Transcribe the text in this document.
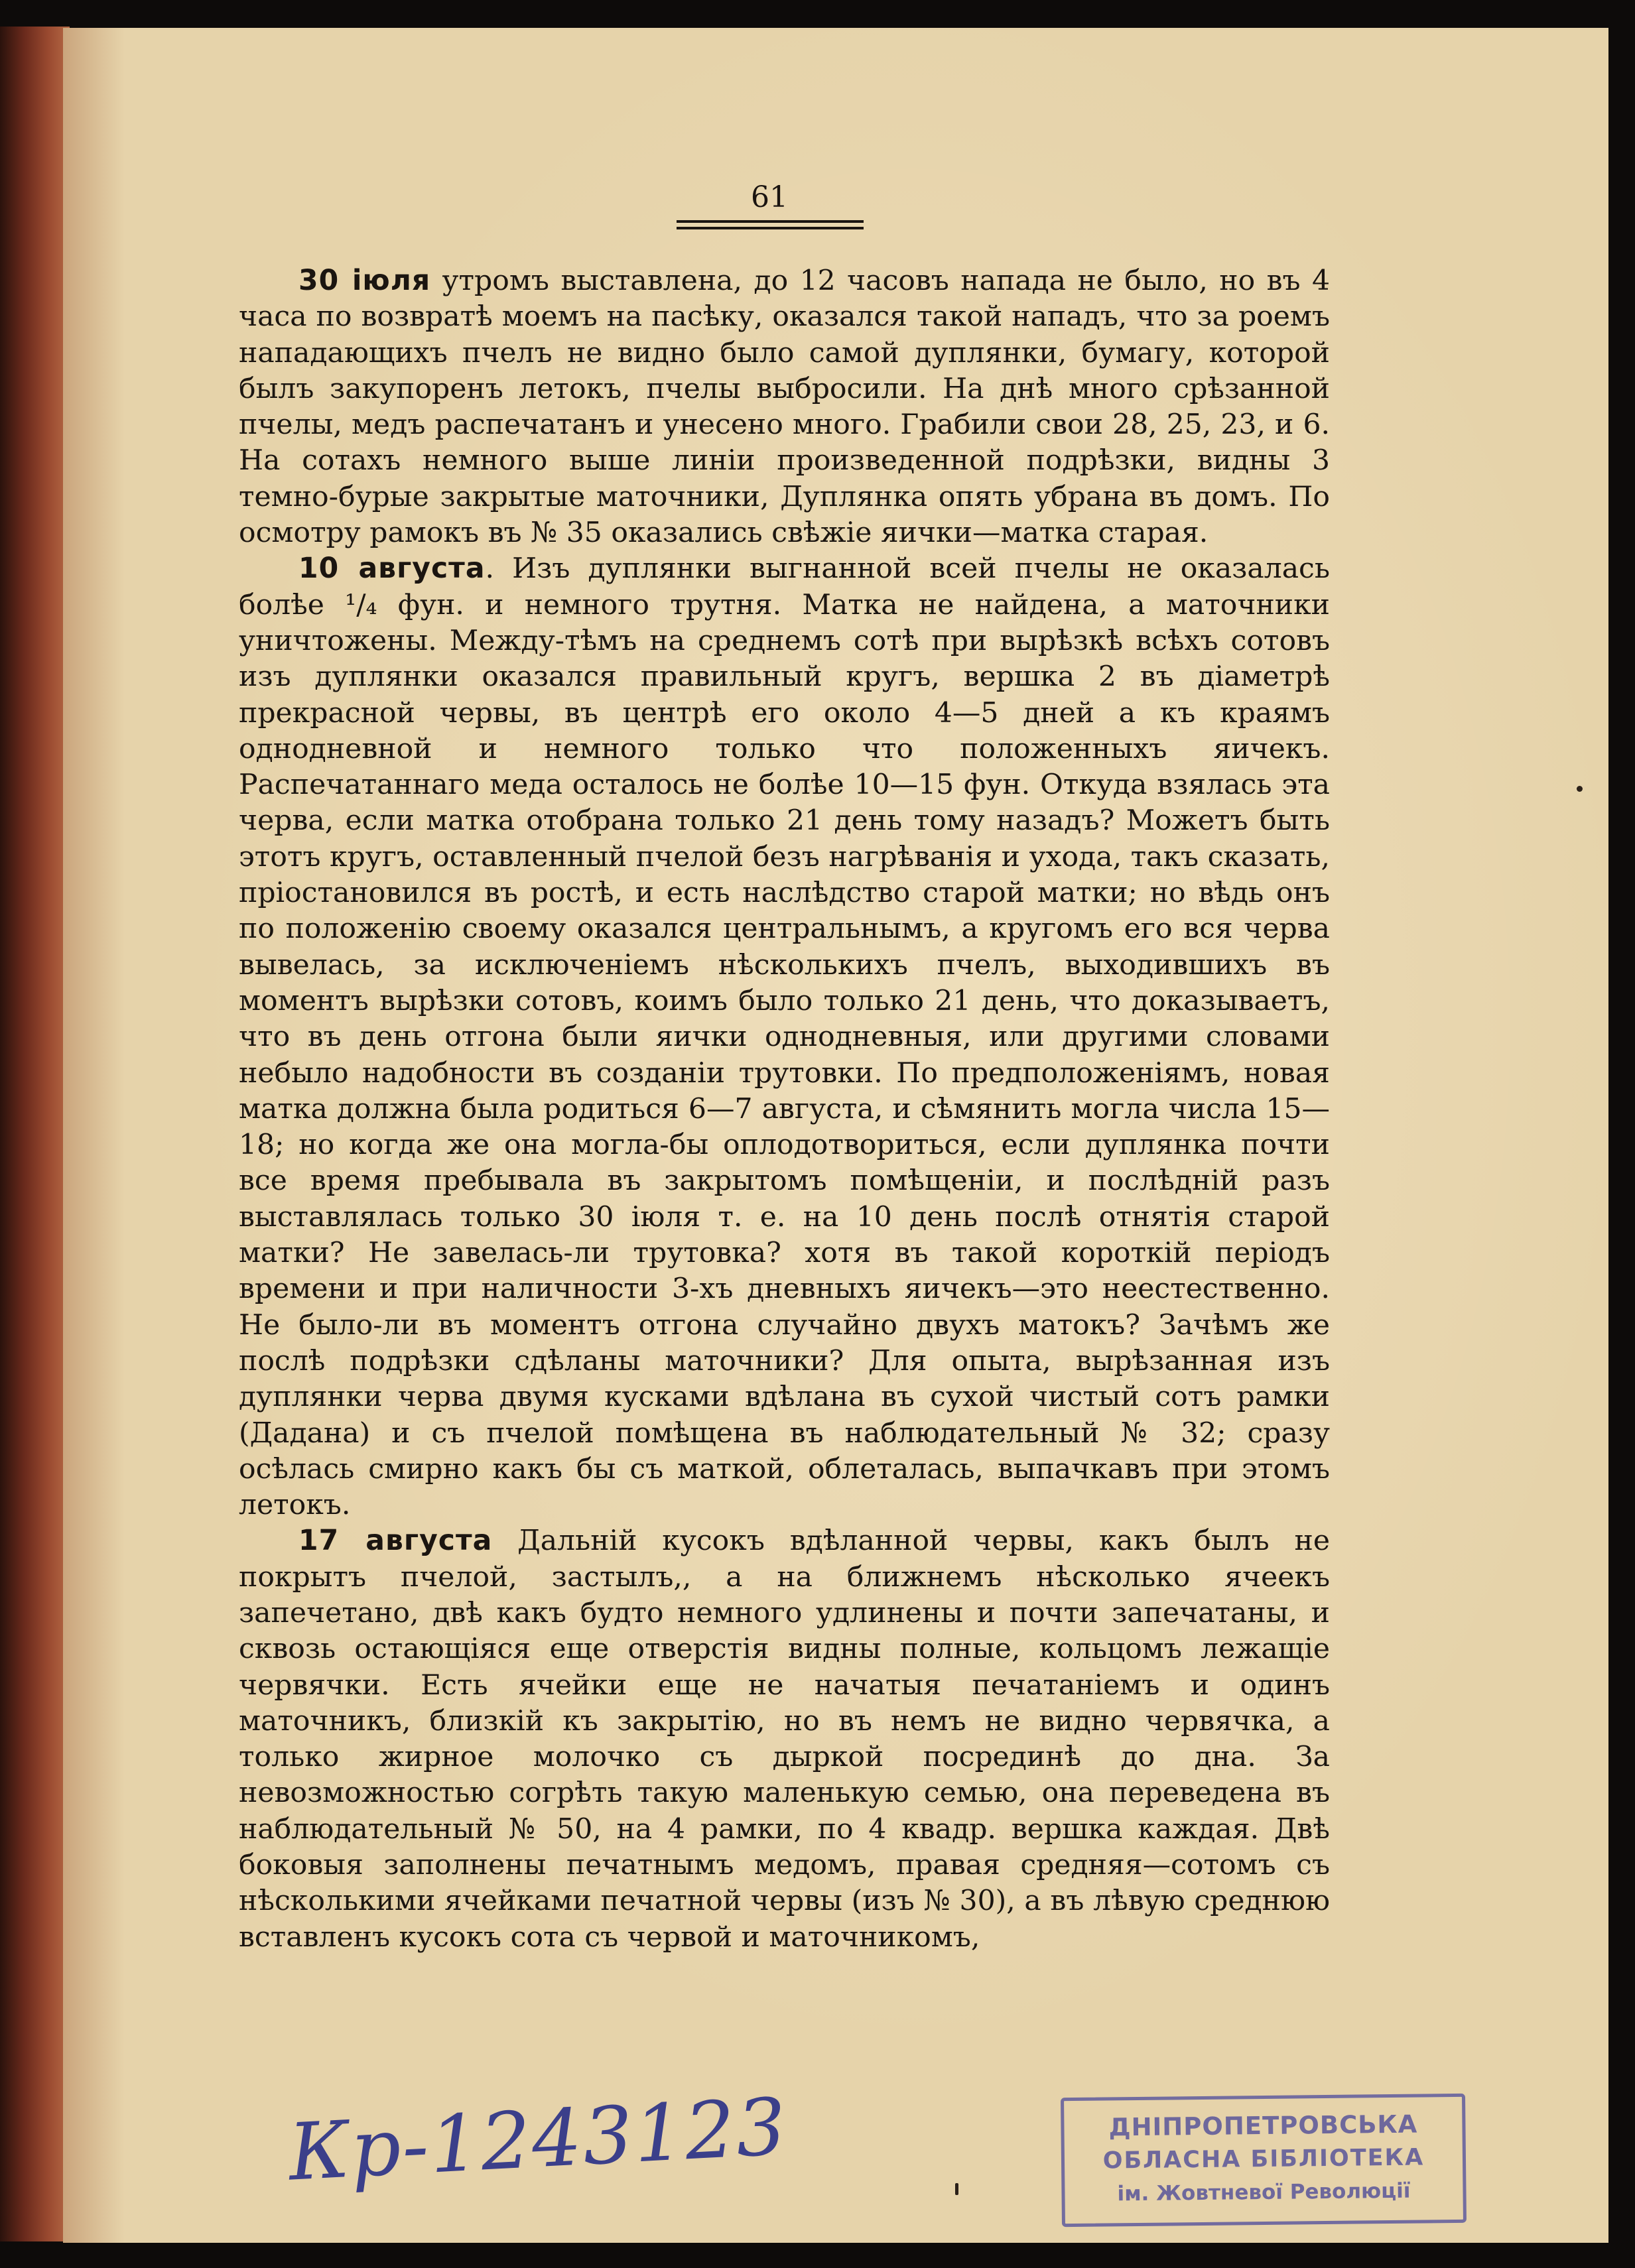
61

30 іюля утромъ выставлена, до 12 часовъ напада не было, но въ 4 часа по возвратѣ моемъ на пасѣку, оказался такой нападъ, что за роемъ нападающихъ пчелъ не видно было самой дуплянки, бумагу, которой былъ закупоренъ летокъ, пчелы выбросили. На днѣ много срѣзанной пчелы, медъ распечатанъ и унесено много. Грабили свои 28, 25, 23, и 6. На сотахъ немного выше линіи произведенной подрѣзки, видны 3 темно-бурые закрытые маточники, Дуплянка опять убрана въ домъ. По осмотру рамокъ въ № 35 оказались свѣжіе яички—матка старая.

10 августа. Изъ дуплянки выгнанной всей пчелы не оказалась болѣе ¹/₄ фун. и немного трутня. Матка не найдена, а маточники уничтожены. Между-тѣмъ на среднемъ сотѣ при вырѣзкѣ всѣхъ сотовъ изъ дуплянки оказался правильный кругъ, вершка 2 въ діаметрѣ прекрасной червы, въ центрѣ его около 4—5 дней а къ краямъ однодневной и немного только что положенныхъ яичекъ. Распечатаннаго меда осталось не болѣе 10—15 фун. Откуда взялась эта черва, если матка отобрана только 21 день тому назадъ? Можетъ быть этотъ кругъ, оставленный пчелой безъ нагрѣванія и ухода, такъ сказать, пріостановился въ ростѣ, и есть наслѣдство старой матки; но вѣдь онъ по положенію своему оказался центральнымъ, а кругомъ его вся черва вывелась, за исключеніемъ нѣсколькихъ пчелъ, выходившихъ въ моментъ вырѣзки сотовъ, коимъ было только 21 день, что доказываетъ, что въ день отгона были яички однодневныя, или другими словами небыло надобности въ созданіи трутовки. По предположеніямъ, новая матка должна была родиться 6—7 августа, и сѣмянить могла числа 15—18; но когда же она могла-бы оплодотвориться, если дуплянка почти все время пребывала въ закрытомъ помѣщеніи, и послѣдній разъ выставлялась только 30 іюля т. е. на 10 день послѣ отнятія старой матки? Не завелась-ли трутовка? хотя въ такой короткій періодъ времени и при наличности 3-хъ дневныхъ яичекъ—это неестественно. Не было-ли въ моментъ отгона случайно двухъ матокъ? Зачѣмъ же послѣ подрѣзки сдѣланы маточники? Для опыта, вырѣзанная изъ дуплянки черва двумя кусками вдѣлана въ сухой чистый сотъ рамки (Дадана) и съ пчелой помѣщена въ наблюдательный № 32; сразу осѣлась смирно какъ бы съ маткой, облеталась, выпачкавъ при этомъ летокъ.

17 августа Дальній кусокъ вдѣланной червы, какъ былъ не покрытъ пчелой, застылъ,, а на ближнемъ нѣсколько ячеекъ запечетано, двѣ какъ будто немного удлинены и почти запечатаны, и сквозь остающіяся еще отверстія видны полные, кольцомъ лежащіе червячки. Есть ячейки еще не начатыя печатаніемъ и одинъ маточникъ, близкій къ закрытію, но въ немъ не видно червячка, а только жирное молочко съ дыркой посрединѣ до дна. За невозможностью согрѣть такую маленькую семью, она переведена въ наблюдательный № 50, на 4 рамки, по 4 квадр. вершка каждая. Двѣ боковыя заполнены печатнымъ медомъ, правая средняя—сотомъ съ нѣсколькими ячейками печатной червы (изъ № 30), а въ лѣвую среднюю вставленъ кусокъ сота съ червой и маточникомъ,

Кр-1243123	ДНІПРОПЕТРОВСЬКА
ОБЛАСНА БІБЛІОТЕКА
ім. Жовтневої Революції
